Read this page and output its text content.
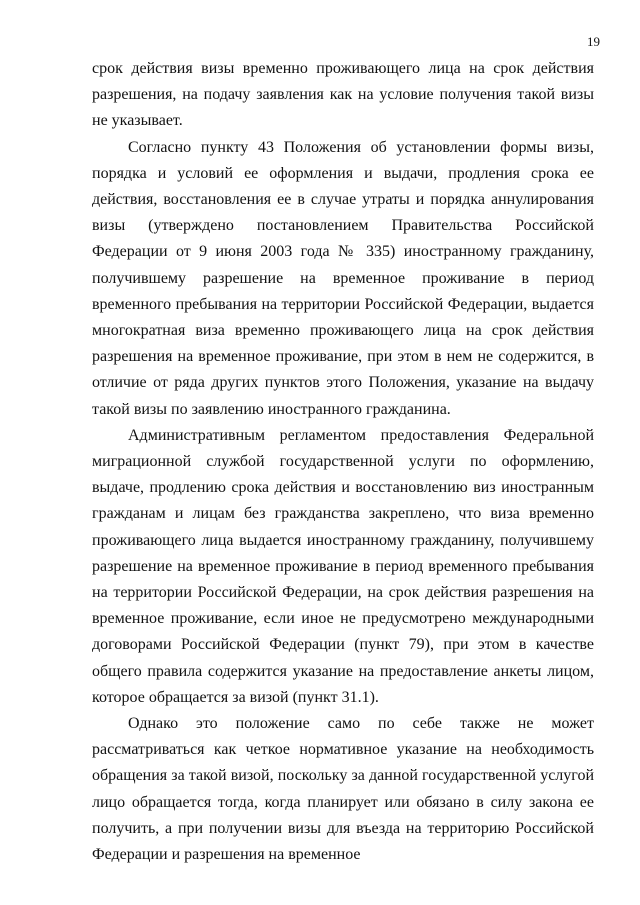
19

срок действия визы временно проживающего лица на срок действия разрешения, на подачу заявления как на условие получения такой визы не указывает.

Согласно пункту 43 Положения об установлении формы визы, порядка и условий ее оформления и выдачи, продления срока ее действия, восстановления ее в случае утраты и порядка аннулирования визы (утверждено постановлением Правительства Российской Федерации от 9 июня 2003 года № 335) иностранному гражданину, получившему разрешение на временное проживание в период временного пребывания на территории Российской Федерации, выдается многократная виза временно проживающего лица на срок действия разрешения на временное проживание, при этом в нем не содержится, в отличие от ряда других пунктов этого Положения, указание на выдачу такой визы по заявлению иностранного гражданина.

Административным регламентом предоставления Федеральной миграционной службой государственной услуги по оформлению, выдаче, продлению срока действия и восстановлению виз иностранным гражданам и лицам без гражданства закреплено, что виза временно проживающего лица выдается иностранному гражданину, получившему разрешение на временное проживание в период временного пребывания на территории Российской Федерации, на срок действия разрешения на временное проживание, если иное не предусмотрено международными договорами Российской Федерации (пункт 79), при этом в качестве общего правила содержится указание на предоставление анкеты лицом, которое обращается за визой (пункт 31.1).

Однако это положение само по себе также не может рассматриваться как четкое нормативное указание на необходимость обращения за такой визой, поскольку за данной государственной услугой лицо обращается тогда, когда планирует или обязано в силу закона ее получить, а при получении визы для въезда на территорию Российской Федерации и разрешения на временное
